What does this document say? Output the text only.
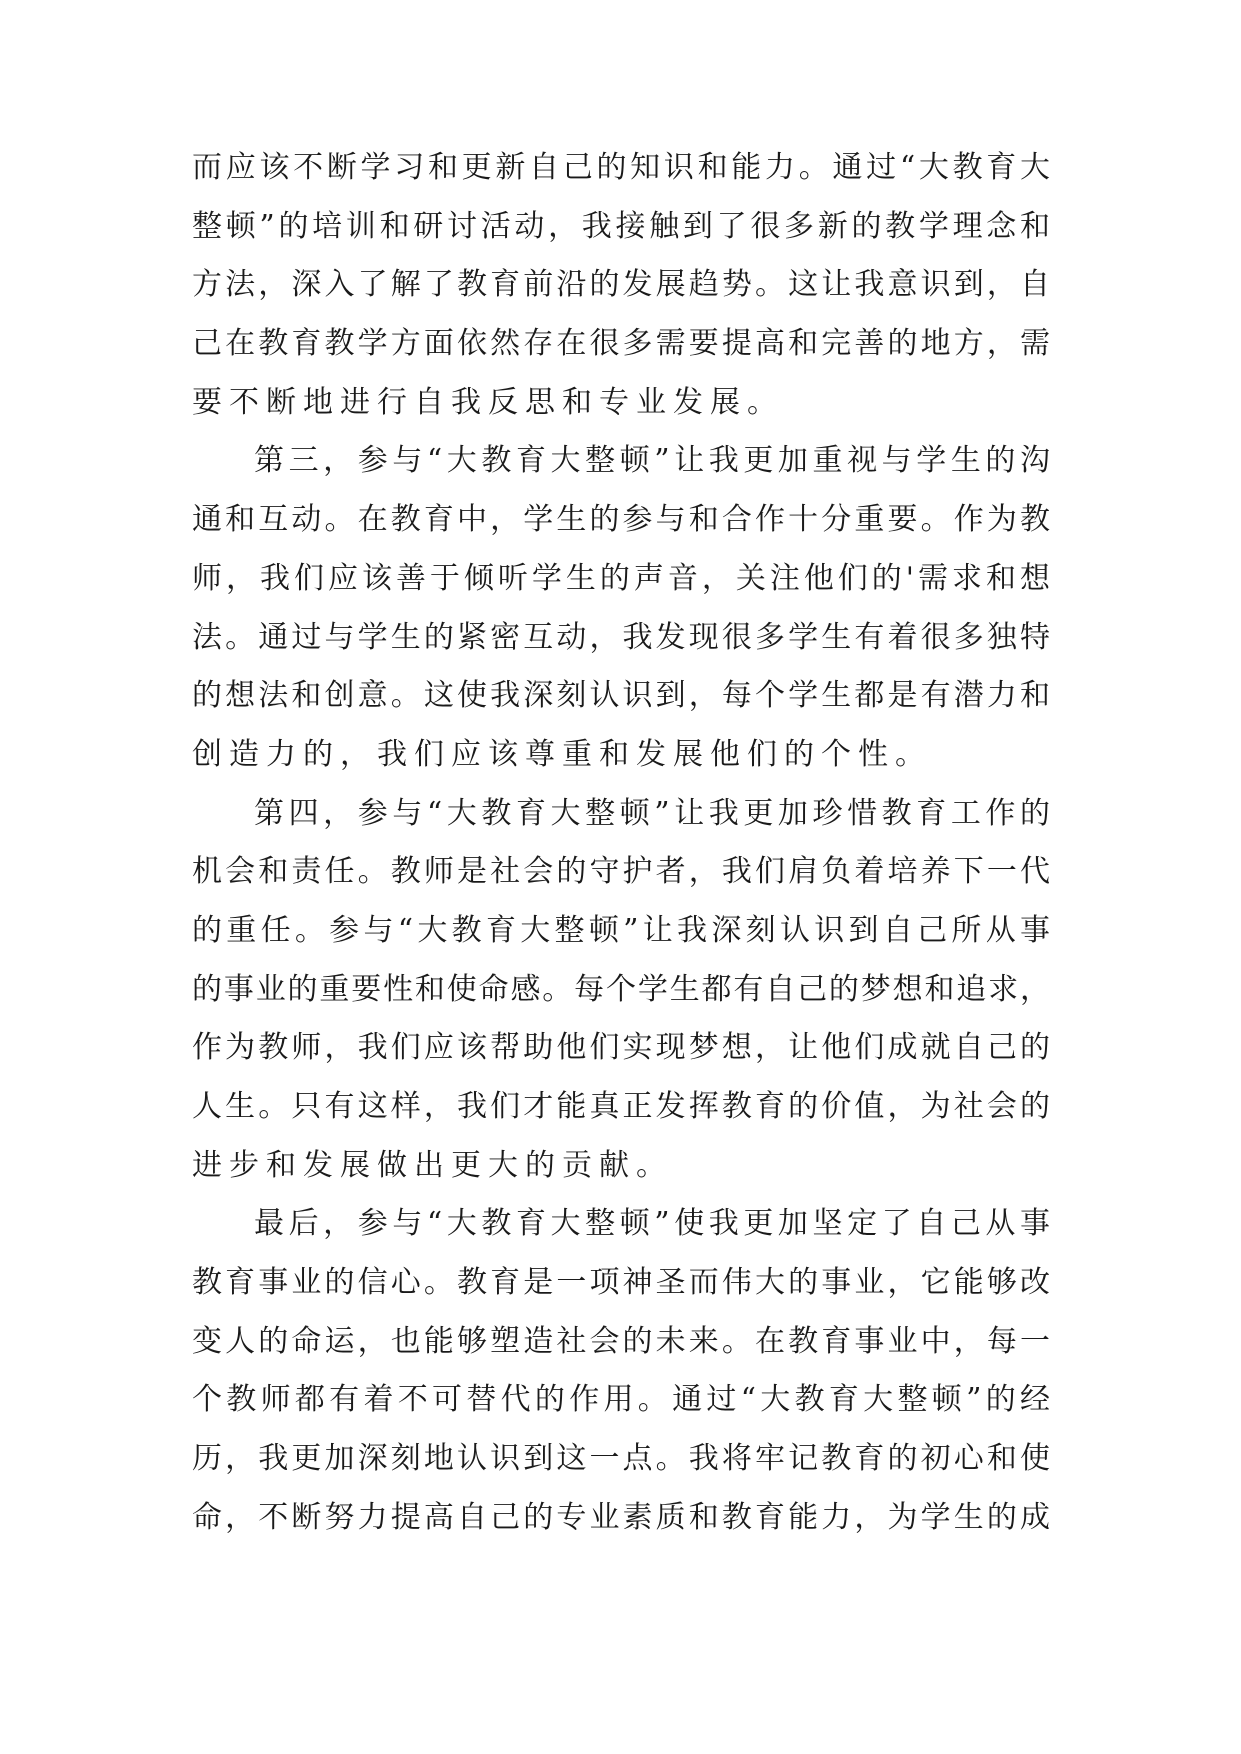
而应该不断学习和更新自己的知识和能力。通过“大教育大
整顿”的培训和研讨活动，我接触到了很多新的教学理念和
方法，深入了解了教育前沿的发展趋势。这让我意识到，自
己在教育教学方面依然存在很多需要提高和完善的地方，需
要不断地进行自我反思和专业发展。
第三，参与“大教育大整顿”让我更加重视与学生的沟
通和互动。在教育中，学生的参与和合作十分重要。作为教
师，我们应该善于倾听学生的声音，关注他们的'需求和想
法。通过与学生的紧密互动，我发现很多学生有着很多独特
的想法和创意。这使我深刻认识到，每个学生都是有潜力和
创造力的，我们应该尊重和发展他们的个性。
第四，参与“大教育大整顿”让我更加珍惜教育工作的
机会和责任。教师是社会的守护者，我们肩负着培养下一代
的重任。参与“大教育大整顿”让我深刻认识到自己所从事
的事业的重要性和使命感。每个学生都有自己的梦想和追求，
作为教师，我们应该帮助他们实现梦想，让他们成就自己的
人生。只有这样，我们才能真正发挥教育的价值，为社会的
进步和发展做出更大的贡献。
最后，参与“大教育大整顿”使我更加坚定了自己从事
教育事业的信心。教育是一项神圣而伟大的事业，它能够改
变人的命运，也能够塑造社会的未来。在教育事业中，每一
个教师都有着不可替代的作用。通过“大教育大整顿”的经
历，我更加深刻地认识到这一点。我将牢记教育的初心和使
命，不断努力提高自己的专业素质和教育能力，为学生的成
